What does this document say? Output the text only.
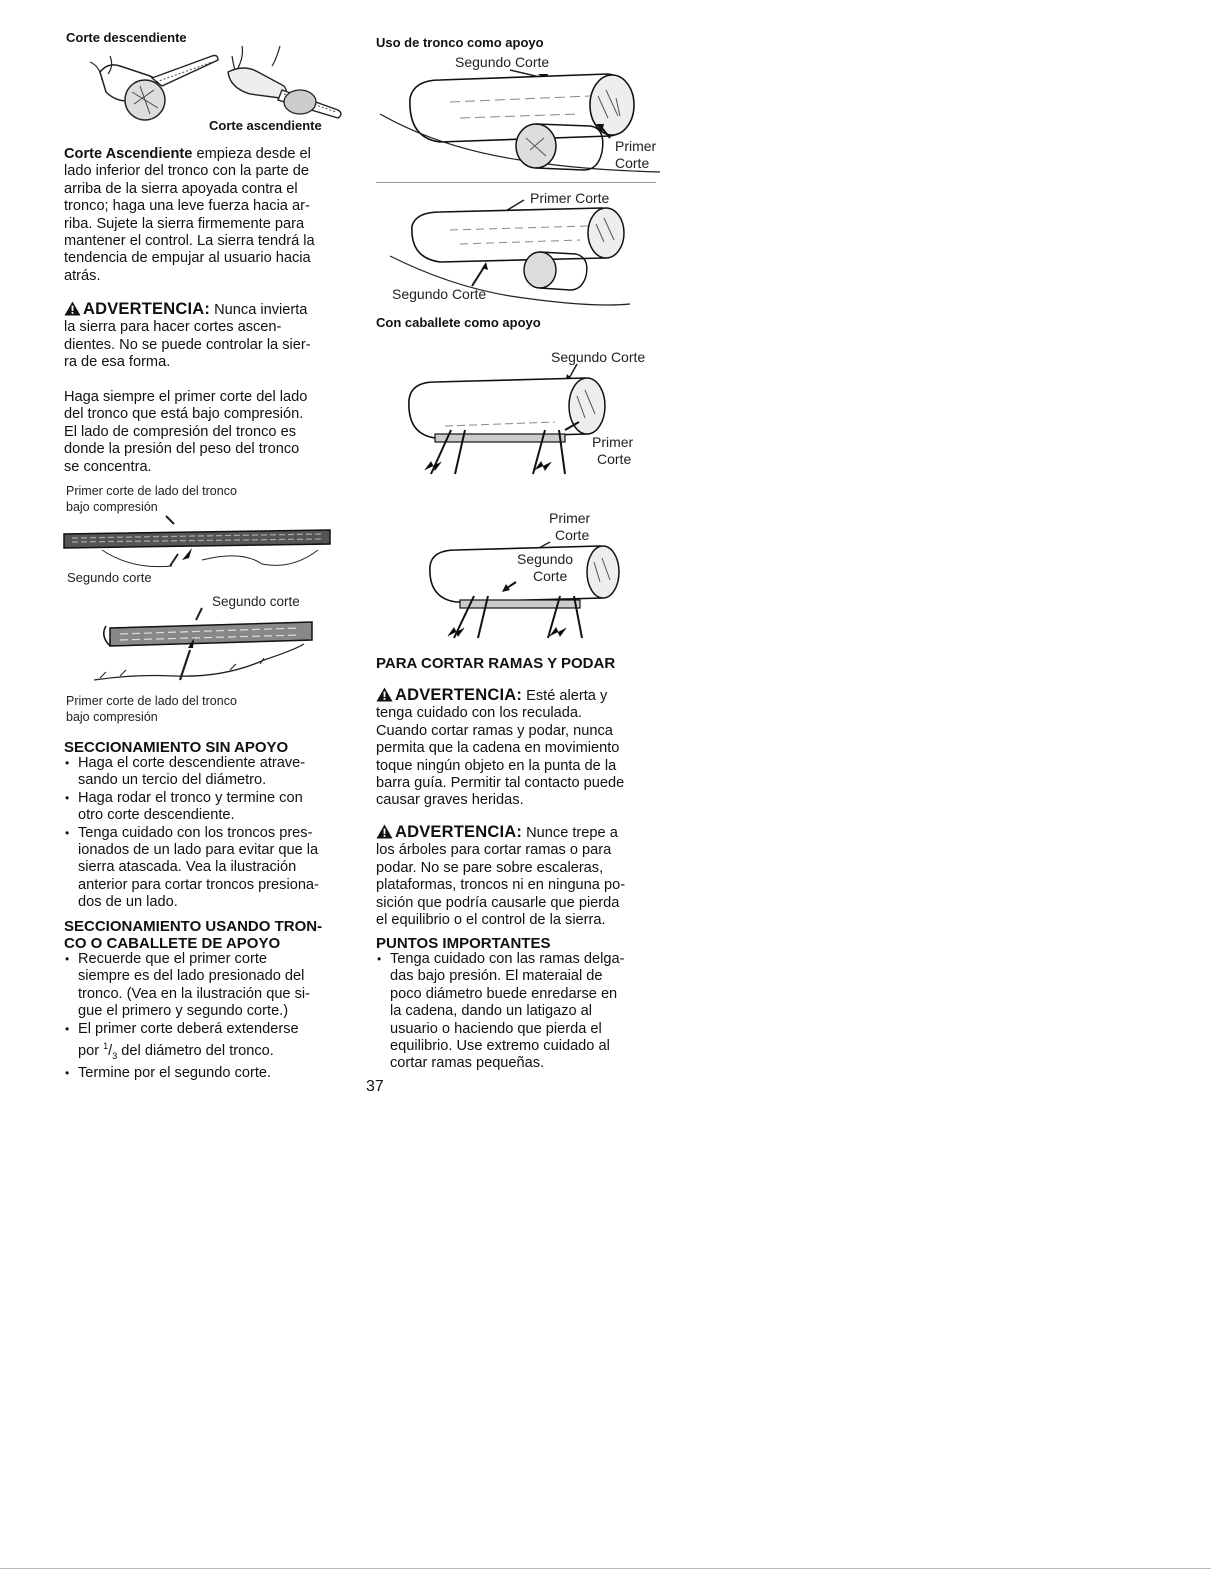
Corte descendiente
Corte ascendiente
Corte Ascendiente empieza desde el
lado inferior del tronco con la parte de
arriba de la sierra apoyada contra el
tronco; haga una leve fuerza hacia ar-
riba. Sujete la sierra firmemente para
mantener el control. La sierra tendrá la
tendencia de empujar al usuario hacia
atrás.
ADVERTENCIA: Nunca invierta
la sierra para hacer cortes ascen-
dientes. No se puede controlar la sier-
ra de esa forma.
Haga siempre el primer corte del lado
del tronco que está bajo compresión.
El lado de compresión del tronco es
donde la presión del peso del tronco
se concentra.
Primer corte de lado del tronco
bajo compresión
Segundo corte
Segundo corte
Primer corte de lado del tronco
bajo compresión
SECCIONAMIENTO SIN APOYO
• Haga el corte descendiente atrave-
sando un tercio del diámetro.
• Haga rodar el tronco y termine con
otro corte descendiente.
• Tenga cuidado con los troncos pres-
ionados de un lado para evitar que la
sierra atascada. Vea la ilustración
anterior para cortar troncos presiona-
dos de un lado.
SECCIONAMIENTO USANDO TRON-
CO O CABALLETE DE APOYO
• Recuerde que el primer corte
siempre es del lado presionado del
tronco. (Vea en la ilustración que si-
gue el primero y segundo corte.)
• El primer corte deberá extenderse
por $^1/_3$ del diámetro del tronco.
• Termine por el segundo corte.
Uso de tronco como apoyo
Segundo Corte
Primer
Corte
Primer Corte
Segundo Corte
Con caballete como apoyo
Segundo Corte
Primer
Corte
Primer
Corte
Segundo
Corte
PARA CORTAR RAMAS Y PODAR
ADVERTENCIA: Esté alerta y
tenga cuidado con los reculada.
Cuando cortar ramas y podar, nunca
permita que la cadena en movimiento
toque ningún objeto en la punta de la
barra guía. Permitir tal contacto puede
causar graves heridas.
ADVERTENCIA: Nunce trepe a
los árboles para cortar ramas o para
podar. No se pare sobre escaleras,
plataformas, troncos ni en ninguna po-
sición que podría causarle que pierda
el equilibrio o el control de la sierra.
PUNTOS IMPORTANTES
• Tenga cuidado con las ramas delga-
das bajo presión. El materaial de
poco diámetro buede enredarse en
la cadena, dando un latigazo al
usuario o haciendo que pierda el
equilibrio. Use extremo cuidado al
cortar ramas pequeñas.
37
